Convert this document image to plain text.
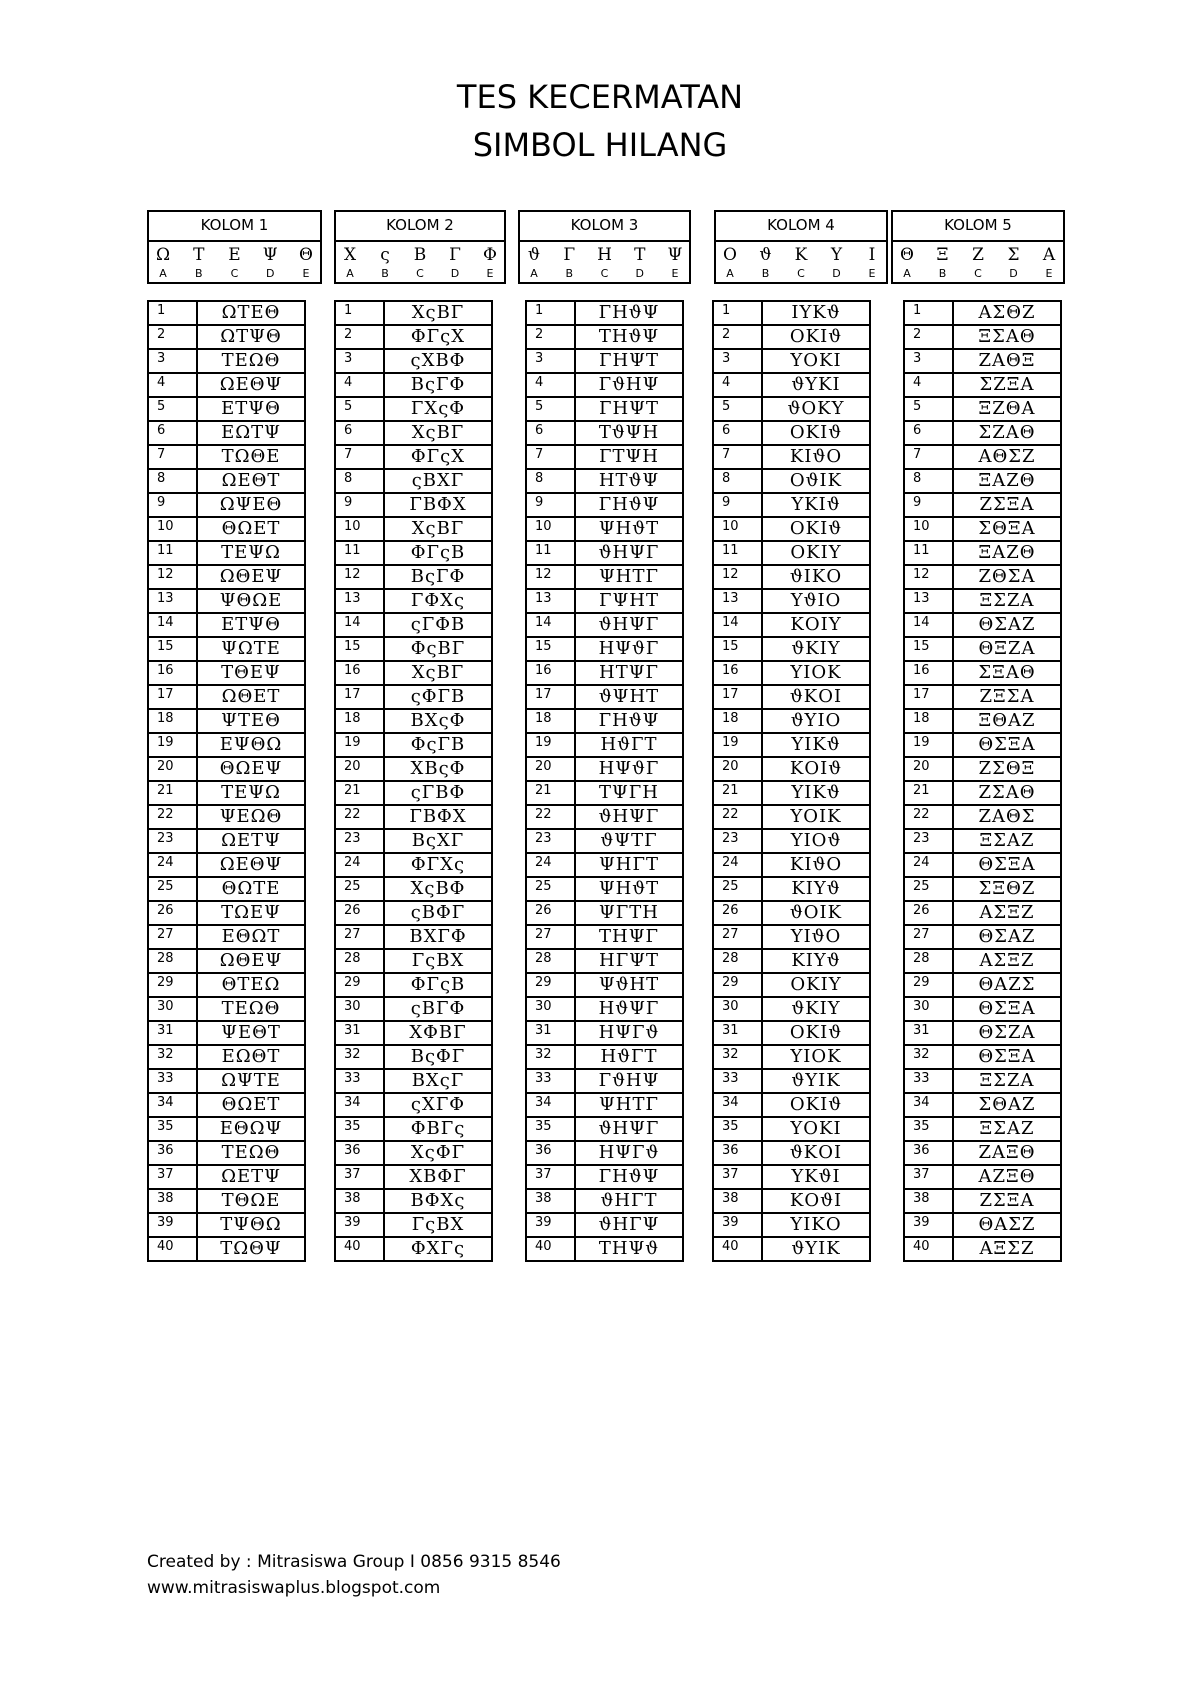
TES KECERMATAN
SIMBOL HILANG
KOLOM 1
Ω Τ Ε Ψ Θ
A	B	C	D	E
KOLOM 2
Χ ς Β Γ Φ
A	B	C	D	E
KOLOM 3
ϑ Γ Η Τ Ψ
A	B	C	D	E
KOLOM 4
Ο ϑ Κ Υ Ι
A	B	C	D	E
KOLOM 5
Θ Ξ Ζ Σ Α
A	B	C	D	E
1	ΩΤΕΘ
2	ΩΤΨΘ
3	ΤΕΩΘ
4	ΩΕΘΨ
5	ΕΤΨΘ
6	ΕΩΤΨ
7	ΤΩΘΕ
8	ΩΕΘΤ
9	ΩΨΕΘ
10	ΘΩΕΤ
11	ΤΕΨΩ
12	ΩΘΕΨ
13	ΨΘΩΕ
14	ΕΤΨΘ
15	ΨΩΤΕ
16	ΤΘΕΨ
17	ΩΘΕΤ
18	ΨΤΕΘ
19	ΕΨΘΩ
20	ΘΩΕΨ
21	ΤΕΨΩ
22	ΨΕΩΘ
23	ΩΕΤΨ
24	ΩΕΘΨ
25	ΘΩΤΕ
26	ΤΩΕΨ
27	ΕΘΩΤ
28	ΩΘΕΨ
29	ΘΤΕΩ
30	ΤΕΩΘ
31	ΨΕΘΤ
32	ΕΩΘΤ
33	ΩΨΤΕ
34	ΘΩΕΤ
35	ΕΘΩΨ
36	ΤΕΩΘ
37	ΩΕΤΨ
38	ΤΘΩΕ
39	ΤΨΘΩ
40	ΤΩΘΨ
1	ΧςΒΓ
2	ΦΓςΧ
3	ςΧΒΦ
4	ΒςΓΦ
5	ΓΧςΦ
6	ΧςΒΓ
7	ΦΓςΧ
8	ςΒΧΓ
9	ΓΒΦΧ
10	ΧςΒΓ
11	ΦΓςΒ
12	ΒςΓΦ
13	ΓΦΧς
14	ςΓΦΒ
15	ΦςΒΓ
16	ΧςΒΓ
17	ςΦΓΒ
18	ΒΧςΦ
19	ΦςΓΒ
20	ΧΒςΦ
21	ςΓΒΦ
22	ΓΒΦΧ
23	ΒςΧΓ
24	ΦΓΧς
25	ΧςΒΦ
26	ςΒΦΓ
27	ΒΧΓΦ
28	ΓςΒΧ
29	ΦΓςΒ
30	ςΒΓΦ
31	ΧΦΒΓ
32	ΒςΦΓ
33	ΒΧςΓ
34	ςΧΓΦ
35	ΦΒΓς
36	ΧςΦΓ
37	ΧΒΦΓ
38	ΒΦΧς
39	ΓςΒΧ
40	ΦΧΓς
1	ΓΗϑΨ
2	ΤΗϑΨ
3	ΓΗΨΤ
4	ΓϑΗΨ
5	ΓΗΨΤ
6	ΤϑΨΗ
7	ΓΤΨΗ
8	ΗΤϑΨ
9	ΓΗϑΨ
10	ΨΗϑΤ
11	ϑΗΨΓ
12	ΨΗΤΓ
13	ΓΨΗΤ
14	ϑΗΨΓ
15	ΗΨϑΓ
16	ΗΤΨΓ
17	ϑΨΗΤ
18	ΓΗϑΨ
19	ΗϑΓΤ
20	ΗΨϑΓ
21	ΤΨΓΗ
22	ϑΗΨΓ
23	ϑΨΤΓ
24	ΨΗΓΤ
25	ΨΗϑΤ
26	ΨΓΤΗ
27	ΤΗΨΓ
28	ΗΓΨΤ
29	ΨϑΗΤ
30	ΗϑΨΓ
31	ΗΨΓϑ
32	ΗϑΓΤ
33	ΓϑΗΨ
34	ΨΗΤΓ
35	ϑΗΨΓ
36	ΗΨΓϑ
37	ΓΗϑΨ
38	ϑΗΓΤ
39	ϑΗΓΨ
40	ΤΗΨϑ
1	ΙΥΚϑ
2	ΟΚΙϑ
3	ΥΟΚΙ
4	ϑΥΚΙ
5	ϑΟΚΥ
6	ΟΚΙϑ
7	ΚΙϑΟ
8	ΟϑΙΚ
9	ΥΚΙϑ
10	ΟΚΙϑ
11	ΟΚΙΥ
12	ϑΙΚΟ
13	ΥϑΙΟ
14	ΚΟΙΥ
15	ϑΚΙΥ
16	ΥΙΟΚ
17	ϑΚΟΙ
18	ϑΥΙΟ
19	ΥΙΚϑ
20	ΚΟΙϑ
21	ΥΙΚϑ
22	ΥΟΙΚ
23	ΥΙΟϑ
24	ΚΙϑΟ
25	ΚΙΥϑ
26	ϑΟΙΚ
27	ΥΙϑΟ
28	ΚΙΥϑ
29	ΟΚΙΥ
30	ϑΚΙΥ
31	ΟΚΙϑ
32	ΥΙΟΚ
33	ϑΥΙΚ
34	ΟΚΙϑ
35	ΥΟΚΙ
36	ϑΚΟΙ
37	ΥΚϑΙ
38	ΚΟϑΙ
39	ΥΙΚΟ
40	ϑΥΙΚ
1	ΑΣΘΖ
2	ΞΣΑΘ
3	ΖΑΘΞ
4	ΣΖΞΑ
5	ΞΖΘΑ
6	ΣΖΑΘ
7	ΑΘΣΖ
8	ΞΑΖΘ
9	ΖΣΞΑ
10	ΣΘΞΑ
11	ΞΑΖΘ
12	ΖΘΣΑ
13	ΞΣΖΑ
14	ΘΣΑΖ
15	ΘΞΖΑ
16	ΣΞΑΘ
17	ΖΞΣΑ
18	ΞΘΑΖ
19	ΘΣΞΑ
20	ΖΣΘΞ
21	ΖΣΑΘ
22	ΖΑΘΣ
23	ΞΣΑΖ
24	ΘΣΞΑ
25	ΣΞΘΖ
26	ΑΣΞΖ
27	ΘΣΑΖ
28	ΑΣΞΖ
29	ΘΑΖΣ
30	ΘΣΞΑ
31	ΘΣΖΑ
32	ΘΣΞΑ
33	ΞΣΖΑ
34	ΣΘΑΖ
35	ΞΣΑΖ
36	ΖΑΞΘ
37	ΑΖΞΘ
38	ΖΣΞΑ
39	ΘΑΣΖ
40	ΑΞΣΖ
Created by : Mitrasiswa Group I 0856 9315 8546
www.mitrasiswaplus.blogspot.com
